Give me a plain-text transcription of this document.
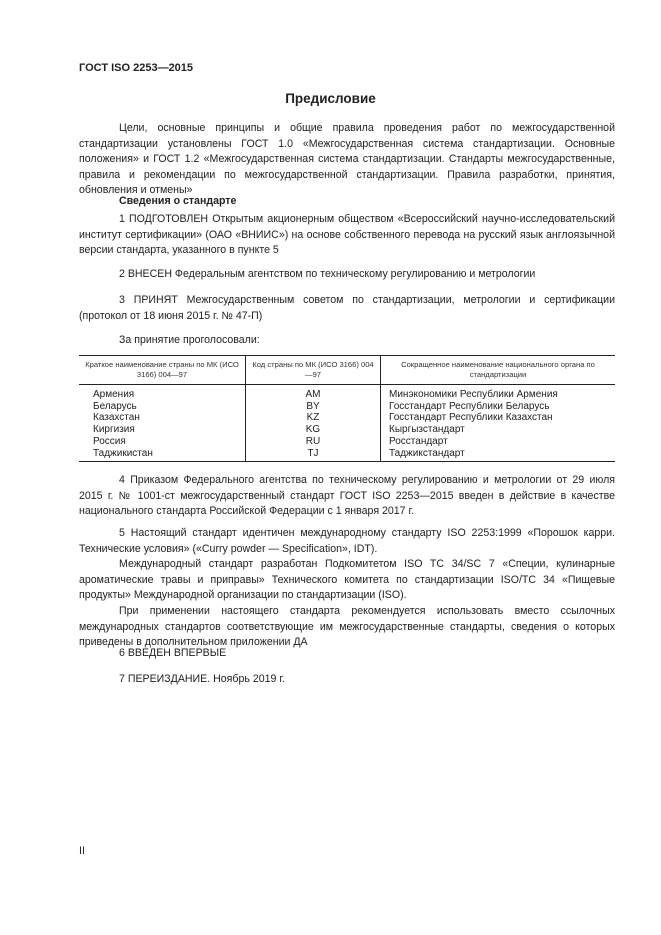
ГОСТ ISO 2253—2015
Предисловие

Цели, основные принципы и общие правила проведения работ по межгосударственной стандартизации установлены ГОСТ 1.0 «Межгосударственная система стандартизации. Основные положения» и ГОСТ 1.2 «Межгосударственная система стандартизации. Стандарты межгосударственные, правила и рекомендации по межгосударственной стандартизации. Правила разработки, принятия, обновления и отмены»

Сведения о стандарте

1 ПОДГОТОВЛЕН Открытым акционерным обществом «Всероссийский научно-исследовательский институт сертификации» (ОАО «ВНИИС») на основе собственного перевода на русский язык англоязычной версии стандарта, указанного в пункте 5

2 ВНЕСЕН Федеральным агентством по техническому регулированию и метрологии

3 ПРИНЯТ Межгосударственным советом по стандартизации, метрологии и сертификации (протокол от 18 июня 2015 г. № 47-П)

За принятие проголосовали:

Краткое наименование страны по МК (ИСО 3166) 004—97	Код страны по МК (ИСО 3166) 004—97	Сокращенное наименование национального органа по стандартизации
Армения	AM	Минэкономики Республики Армения
Беларусь	BY	Госстандарт Республики Беларусь
Казахстан	KZ	Госстандарт Республики Казахстан
Киргизия	KG	Кыргызстандарт
Россия	RU	Росстандарт
Таджикистан	TJ	Таджикстандарт

4 Приказом Федерального агентства по техническому регулированию и метрологии от 29 июля 2015 г. № 1001-ст межгосударственный стандарт ГОСТ ISO 2253—2015 введен в действие в качестве национального стандарта Российской Федерации с 1 января 2017 г.

5 Настоящий стандарт идентичен международному стандарту ISO 2253:1999 «Порошок карри. Технические условия» («Curry powder — Specification», IDT).

Международный стандарт разработан Подкомитетом ISO TC 34/SC 7 «Специи, кулинарные ароматические травы и приправы» Технического комитета по стандартизации ISO/TC 34 «Пищевые продукты» Международной организации по стандартизации (ISO).

При применении настоящего стандарта рекомендуется использовать вместо ссылочных международных стандартов соответствующие им межгосударственные стандарты, сведения о которых приведены в дополнительном приложении ДА

6 ВВЕДЕН ВПЕРВЫЕ

7 ПЕРЕИЗДАНИЕ. Ноябрь 2019 г.

II
